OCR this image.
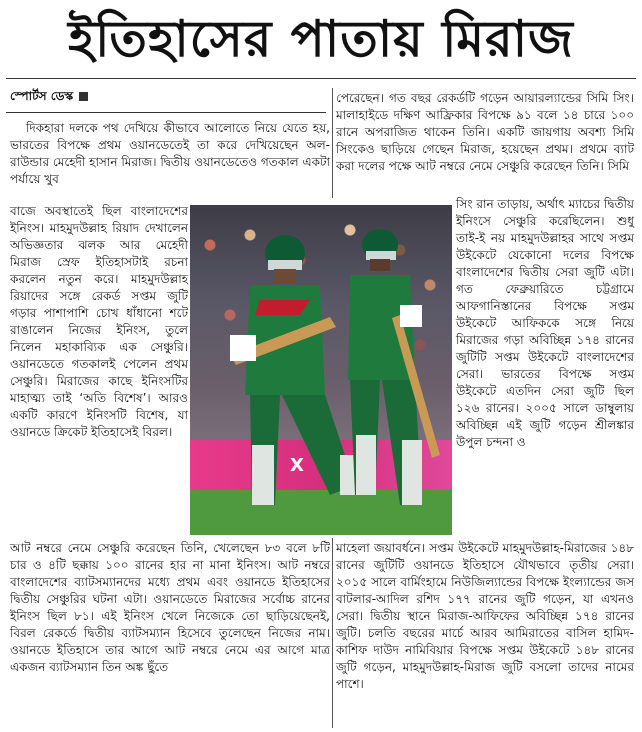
ইতিহাসের পাতায় মিরাজ
স্পোর্টস ডেস্ক

দিকহারা দলকে পথ দেখিয়ে কীভাবে আলোতে নিয়ে যেতে হয়, ভারতের বিপক্ষে প্রথম ওয়ানডেতেই তা করে দেখিয়েছেন অল-রাউন্ডার মেহেদী হাসান মিরাজ। দ্বিতীয় ওয়ানডেতেও গতকাল একটা পর্যায়ে খুব

বাজে অবস্থাতেই ছিল বাংলাদেশের ইনিংস। মাহমুদউল্লাহ রিয়াদ দেখালেন অভিজ্ঞতার ঝলক আর মেহেদী মিরাজ স্রেফ ইতিহাসটাই রচনা করলেন নতুন করে। মাহমুদউল্লাহ রিয়াদের সঙ্গে রেকর্ড সপ্তম জুটি গড়ার পাশাপাশি চোখ ধাঁধানো শটে রাঙালেন নিজের ইনিংস, তুলে নিলেন মহাকাব্যিক এক সেঞ্চুরি। ওয়ানডেতে গতকালই পেলেন প্রথম সেঞ্চুরি। মিরাজের কাছে ইনিংসটির মাহাত্ম্য তাই ‘অতি বিশেষ’। আরও একটি কারণে ইনিংসটি বিশেষ, যা ওয়ানডে ক্রিকেট ইতিহাসেই বিরল।

X

পেরেছেন। গত বছর রেকর্ডটি গড়েন আয়ারল্যান্ডের সিমি সিং। মালাহাইডে দক্ষিণ আফ্রিকার বিপক্ষে ৯১ বলে ১৪ চারে ১০০ রানে অপরাজিত থাকেন তিনি। একটি জায়গায় অবশ্য সিমি সিংকেও ছাড়িয়ে গেছেন মিরাজ, হয়েছেন প্রথম। প্রথমে ব্যাট করা দলের পক্ষে আট নম্বরে নেমে সেঞ্চুরি করেছেন তিনি। সিমি

সিং রান তাড়ায়, অর্থাৎ ম্যাচের দ্বিতীয় ইনিংসে সেঞ্চুরি করেছিলেন। শুধু তাই-ই নয় মাহমুদউল্লাহর সাথে সপ্তম উইকেটে যেকোনো দলের বিপক্ষে বাংলাদেশের দ্বিতীয় সেরা জুটি এটা। গত ফেব্রুয়ারিতে চট্টগ্রামে আফগানিস্তানের বিপক্ষে সপ্তম উইকেটে আফিককে সঙ্গে নিয়ে মিরাজের গড়া অবিচ্ছিন্ন ১৭৪ রানের জুটিটি সপ্তম উইকেটে বাংলাদেশের সেরা। ভারতের বিপক্ষে সপ্তম উইকেটে এতদিন সেরা জুটি ছিল ১২৬ রানের। ২০০৫ সালে ডাম্বুলায় অবিচ্ছিন্ন এই জুটি গড়েন শ্রীলঙ্কার উপুল চন্দনা ও

আট নম্বরে নেমে সেঞ্চুরি করেছেন তিনি, খেলেছেন ৮৩ বলে ৮টি চার ও ৪টি ছক্কায় ১০০ রানের হার না মানা ইনিংস। আট নম্বরে বাংলাদেশের ব্যাটসম্যানদের মধ্যে প্রথম এবং ওয়ানডে ইতিহাসের দ্বিতীয় সেঞ্চুরির ঘটনা এটা। ওয়ানডেতে মিরাজের সর্বোচ্চ রানের ইনিংস ছিল ৮১। এই ইনিংস খেলে নিজেকে তো ছাড়িয়েছেনই, বিরল রেকর্ডে দ্বিতীয় ব্যাটসম্যান হিসেবে তুলেছেন নিজের নাম। ওয়ানডে ইতিহাসে তার আগে আট নম্বরে নেমে এর আগে মাত্র একজন ব্যাটসম্যান তিন অঙ্ক ছুঁতে

মাহেলা জয়াবর্ধনে। সপ্তম উইকেটে মাহমুদউল্লাহ-মিরাজের ১৪৮ রানের জুটিটি ওয়ানডে ইতিহাসে যৌথভাবে তৃতীয় সেরা। ২০১৫ সালে বার্মিংহামে নিউজিল্যান্ডের বিপক্ষে ইংল্যান্ডের জস বাটলার-আদিল রশিদ ১৭৭ রানের জুটি গড়েন, যা এখনও সেরা। দ্বিতীয় স্থানে মিরাজ-আফিফের অবিচ্ছিন্ন ১৭৪ রানের জুটি। চলতি বছরের মার্চে আরব আমিরাতের বাসিল হামিদ-কাশিফ দাউদ নামিবিয়ার বিপক্ষে সপ্তম উইকেটে ১৪৮ রানের জুটি গড়েন, মাহমুদউল্লাহ-মিরাজ জুটি বসলো তাদের নামের পাশে।
